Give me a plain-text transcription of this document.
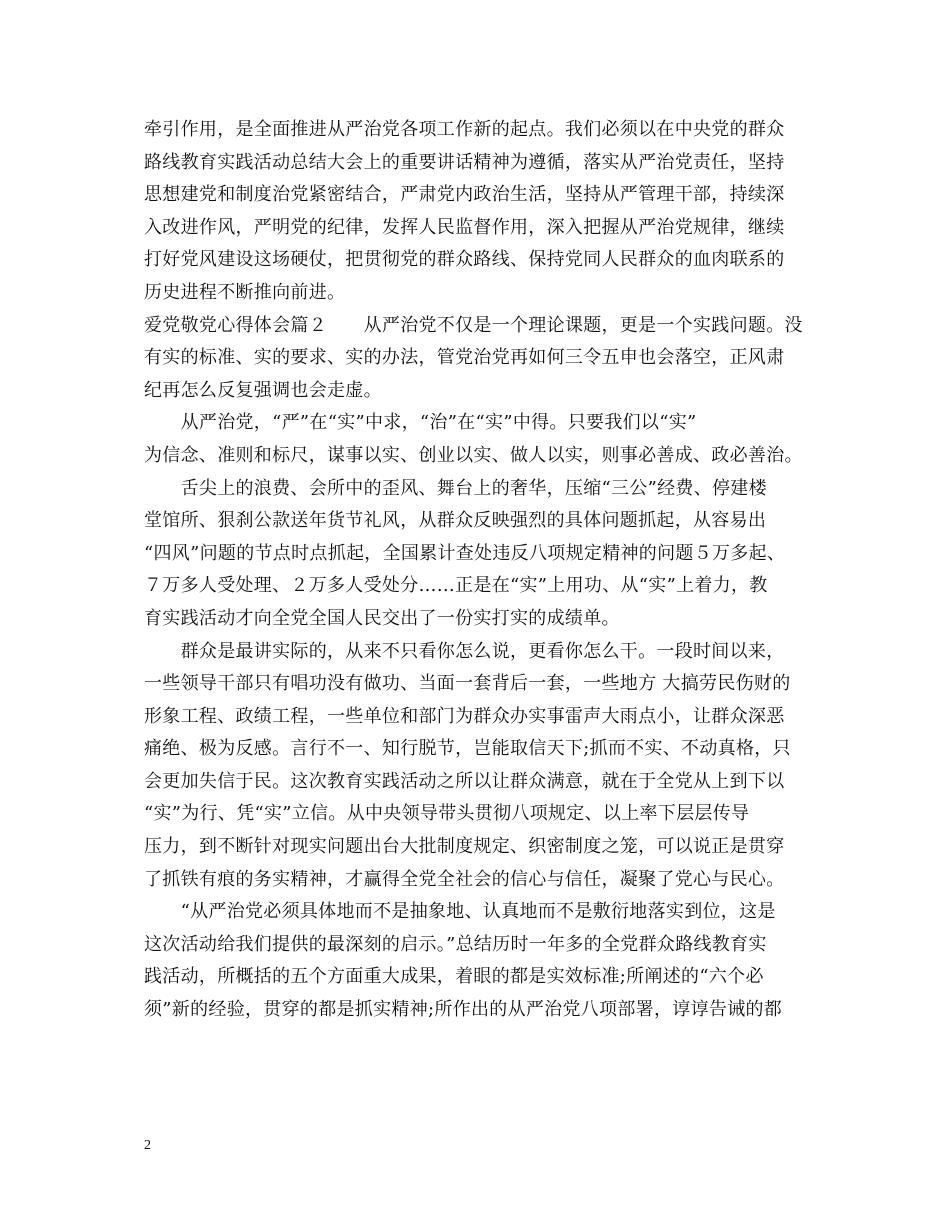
牵引作用，是全面推进从严治党各项工作新的起点。我们必须以在中央党的群众
路线教育实践活动总结大会上的重要讲话精神为遵循，落实从严治党责任，坚持
思想建党和制度治党紧密结合，严肃党内政治生活，坚持从严管理干部，持续深
入改进作风，严明党的纪律，发挥人民监督作用，深入把握从严治党规律，继续
打好党风建设这场硬仗，把贯彻党的群众路线、保持党同人民群众的血肉联系的
历史进程不断推向前进。
爱党敬党心得体会篇２　　从严治党不仅是一个理论课题，更是一个实践问题。没
有实的标准、实的要求、实的办法，管党治党再如何三令五申也会落空，正风肃
纪再怎么反复强调也会走虚。
　　从严治党，“严”在“实”中求，“治”在“实”中得。只要我们以“实”
为信念、准则和标尺，谋事以实、创业以实、做人以实，则事必善成、政必善治。
　　舌尖上的浪费、会所中的歪风、舞台上的奢华，压缩“三公”经费、停建楼
堂馆所、狠刹公款送年货节礼风，从群众反映强烈的具体问题抓起，从容易出
“四风”问题的节点时点抓起，全国累计查处违反八项规定精神的问题５万多起、
７万多人受处理、２万多人受处分……正是在“实”上用功、从“实”上着力，教
育实践活动才向全党全国人民交出了一份实打实的成绩单。
　　群众是最讲实际的，从来不只看你怎么说，更看你怎么干。一段时间以来，
一些领导干部只有唱功没有做功、当面一套背后一套，一些地方 大搞劳民伤财的
形象工程、政绩工程，一些单位和部门为群众办实事雷声大雨点小，让群众深恶
痛绝、极为反感。言行不一、知行脱节，岂能取信天下;抓而不实、不动真格，只
会更加失信于民。这次教育实践活动之所以让群众满意，就在于全党从上到下以
“实”为行、凭“实”立信。从中央领导带头贯彻八项规定、以上率下层层传导
压力，到不断针对现实问题出台大批制度规定、织密制度之笼，可以说正是贯穿
了抓铁有痕的务实精神，才赢得全党全社会的信心与信任，凝聚了党心与民心。
　　“从严治党必须具体地而不是抽象地、认真地而不是敷衍地落实到位，这是
这次活动给我们提供的最深刻的启示。”总结历时一年多的全党群众路线教育实
践活动，所概括的五个方面重大成果，着眼的都是实效标准;所阐述的“六个必
须”新的经验，贯穿的都是抓实精神;所作出的从严治党八项部署，谆谆告诫的都
2
